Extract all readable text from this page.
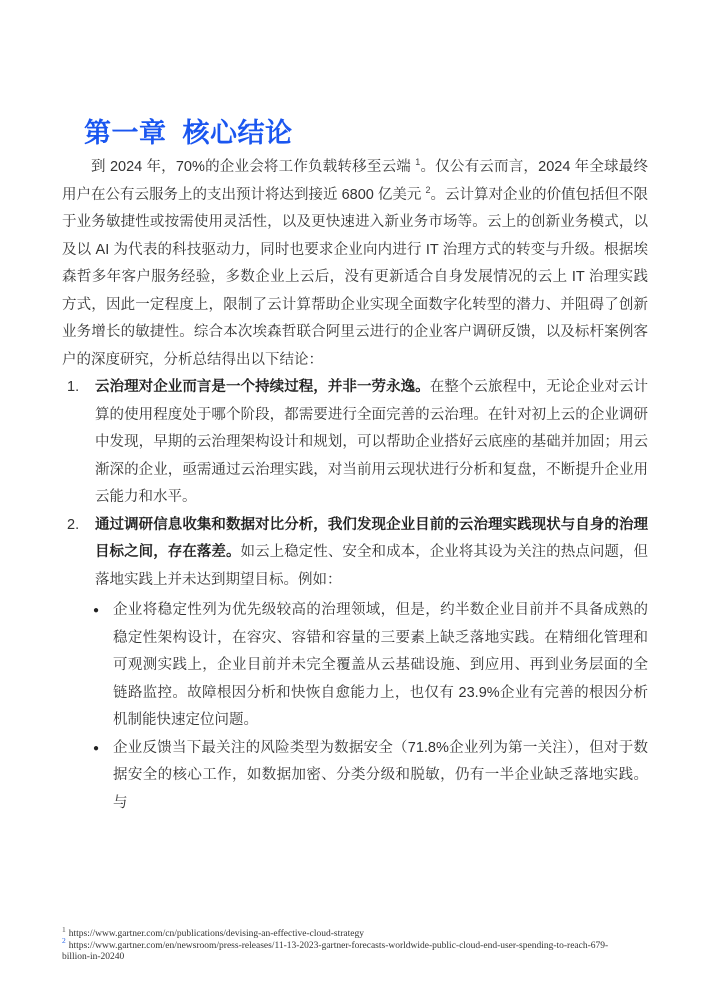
第一章  核心结论

到 2024 年，70%的企业会将工作负载转移至云端 $^1$。仅公有云而言，2024 年全球最终用户在公有云服务上的支出预计将达到接近 6800 亿美元 $^2$。云计算对企业的价值包括但不限于业务敏捷性或按需使用灵活性，以及更快速进入新业务市场等。云上的创新业务模式，以及以 AI 为代表的科技驱动力，同时也要求企业向内进行 IT 治理方式的转变与升级。根据埃森哲多年客户服务经验，多数企业上云后，没有更新适合自身发展情况的云上 IT 治理实践方式，因此一定程度上，限制了云计算帮助企业实现全面数字化转型的潜力、并阻碍了创新业务增长的敏捷性。综合本次埃森哲联合阿里云进行的企业客户调研反馈，以及标杆案例客户的深度研究，分析总结得出以下结论：

1.	云治理对企业而言是一个持续过程，并非一劳永逸。在整个云旅程中，无论企业对云计算的使用程度处于哪个阶段，都需要进行全面完善的云治理。在针对初上云的企业调研中发现，早期的云治理架构设计和规划，可以帮助企业搭好云底座的基础并加固；用云渐深的企业，亟需通过云治理实践，对当前用云现状进行分析和复盘，不断提升企业用云能力和水平。
2.	通过调研信息收集和数据对比分析，我们发现企业目前的云治理实践现状与自身的治理目标之间，存在落差。如云上稳定性、安全和成本，企业将其设为关注的热点问题，但落地实践上并未达到期望目标。例如：
● 企业将稳定性列为优先级较高的治理领域，但是，约半数企业目前并不具备成熟的稳定性架构设计，在容灾、容错和容量的三要素上缺乏落地实践。在精细化管理和可观测实践上，企业目前并未完全覆盖从云基础设施、到应用、再到业务层面的全链路监控。故障根因分析和快恢自愈能力上，也仅有 23.9%企业有完善的根因分析机制能快速定位问题。
● 企业反馈当下最关注的风险类型为数据安全（71.8%企业列为第一关注），但对于数据安全的核心工作，如数据加密、分类分级和脱敏，仍有一半企业缺乏落地实践。与
$^1$ https://www.gartner.com/cn/publications/devising-an-effective-cloud-strategy
$^2$ https://www.gartner.com/en/newsroom/press-releases/11-13-2023-gartner-forecasts-worldwide-public-cloud-end-user-spending-to-reach-679-billion-in-20240
